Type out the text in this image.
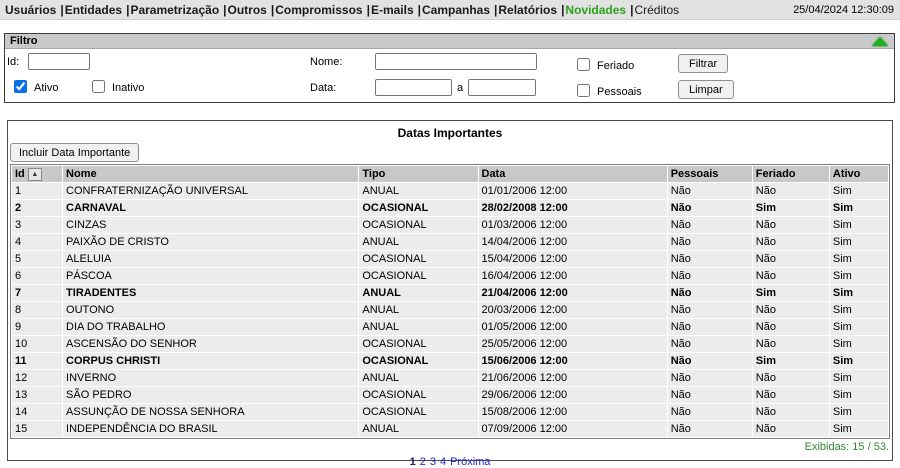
Usuários |Entidades |Parametrização |Outros |Compromissos |E-mails |Campanhas |Relatórios |Novidades |Créditos	25/04/2024 12:30:09
Filtro
Id:
Ativo	Inativo
Nome:
Data:	a
Feriado
Pessoais
Filtrar
Limpar
Datas Importantes
Incluir Data Importante
Id ▲	Nome	Tipo	Data	Pessoais	Feriado	Ativo
1	CONFRATERNIZAÇÃO UNIVERSAL	ANUAL	01/01/2006 12:00	Não	Não	Sim
2	CARNAVAL	OCASIONAL	28/02/2008 12:00	Não	Sim	Sim
3	CINZAS	OCASIONAL	01/03/2006 12:00	Não	Não	Sim
4	PAIXÃO DE CRISTO	ANUAL	14/04/2006 12:00	Não	Não	Sim
5	ALELUIA	OCASIONAL	15/04/2006 12:00	Não	Não	Sim
6	PÁSCOA	OCASIONAL	16/04/2006 12:00	Não	Não	Sim
7	TIRADENTES	ANUAL	21/04/2006 12:00	Não	Sim	Sim
8	OUTONO	ANUAL	20/03/2006 12:00	Não	Não	Sim
9	DIA DO TRABALHO	ANUAL	01/05/2006 12:00	Não	Não	Sim
10	ASCENSÃO DO SENHOR	OCASIONAL	25/05/2006 12:00	Não	Não	Sim
11	CORPUS CHRISTI	OCASIONAL	15/06/2006 12:00	Não	Sim	Sim
12	INVERNO	ANUAL	21/06/2006 12:00	Não	Não	Sim
13	SÃO PEDRO	OCASIONAL	29/06/2006 12:00	Não	Não	Sim
14	ASSUNÇÃO DE NOSSA SENHORA	OCASIONAL	15/08/2006 12:00	Não	Não	Sim
15	INDEPENDÊNCIA DO BRASIL	ANUAL	07/09/2006 12:00	Não	Não	Sim
Exibidas: 15 / 53.
1 2 3 4 Próxima
